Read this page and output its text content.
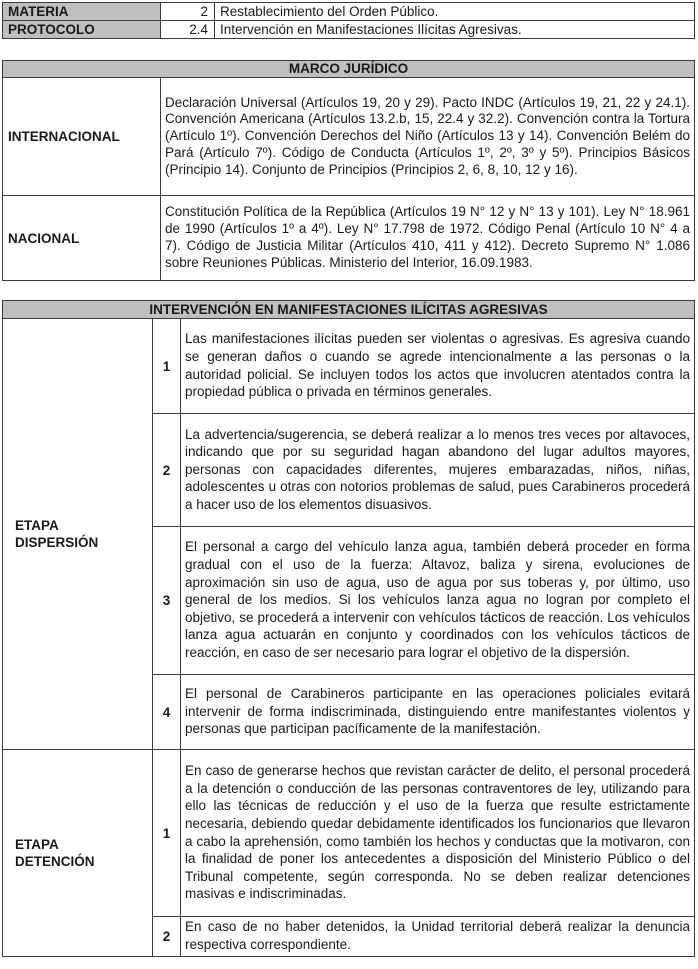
MATERIA	2	Restablecimiento del Orden Público.
PROTOCOLO	2.4	Intervención en Manifestaciones Ilícitas Agresivas.
MARCO JURÍDICO	
INTERNACIONAL	Declaración Universal (Artículos 19, 20 y 29). Pacto INDC (Artículos 19, 21, 22 y 24.1). Convención Americana (Artículos 13.2.b, 15, 22.4 y 32.2). Convención contra la Tortura (Artículo 1º). Convención Derechos del Niño (Artículos 13 y 14). Convención Belém do Pará (Artículo 7º). Código de Conducta (Artículos 1º, 2º, 3º y 5º). Principios Básicos (Principio 14). Conjunto de Principios (Principios 2, 6, 8, 10, 12 y 16).
NACIONAL	Constitución Política de la República (Artículos 19 N° 12 y N° 13 y 101). Ley N° 18.961 de 1990 (Artículos 1º a 4º). Ley N° 17.798 de 1972. Código Penal (Artículo 10 N° 4 a 7). Código de Justicia Militar (Artículos 410, 411 y 412). Decreto Supremo N° 1.086 sobre Reuniones Públicas. Ministerio del Interior, 16.09.1983.
INTERVENCIÓN EN MANIFESTACIONES ILÍCITAS AGRESIVAS		

ETAPA
DISPERSIÓN	1	Las manifestaciones ilícitas pueden ser violentas o agresivas. Es agresiva cuando se generan daños o cuando se agrede intencionalmente a las personas o la autoridad policial. Se incluyen todos los actos que involucren atentados contra la propiedad pública o privada en términos generales.
	2	La advertencia/sugerencia, se deberá realizar a lo menos tres veces por altavoces, indicando que por su seguridad hagan abandono del lugar adultos mayores, personas con capacidades diferentes, mujeres embarazadas, niños, niñas, adolescentes u otras con notorios problemas de salud, pues Carabineros procederá a hacer uso de los elementos disuasivos.
	3	El personal a cargo del vehículo lanza agua, también deberá proceder en forma gradual con el uso de la fuerza: Altavoz, baliza y sirena, evoluciones de aproximación sin uso de agua, uso de agua por sus toberas y, por último, uso general de los medios. Si los vehículos lanza agua no logran por completo el objetivo, se procederá a intervenir con vehículos tácticos de reacción. Los vehículos lanza agua actuarán en conjunto y coordinados con los vehículos tácticos de reacción, en caso de ser necesario para lograr el objetivo de la dispersión.
	4	El personal de Carabineros participante en las operaciones policiales evitará intervenir de forma indiscriminada, distinguiendo entre manifestantes violentos y personas que participan pacíficamente de la manifestación.

ETAPA
DETENCIÓN	1	En caso de generarse hechos que revistan carácter de delito, el personal procederá a la detención o conducción de las personas contraventores de ley, utilizando para ello las técnicas de reducción y el uso de la fuerza que resulte estrictamente necesaria, debiendo quedar debidamente identificados los funcionarios que llevaron a cabo la aprehensión, como también los hechos y conductas que la motivaron, con la finalidad de poner los antecedentes a disposición del Ministerio Público o del Tribunal competente, según corresponda. No se deben realizar detenciones masivas e indiscriminadas.
	2	En caso de no haber detenidos, la Unidad territorial deberá realizar la denuncia respectiva correspondiente.
